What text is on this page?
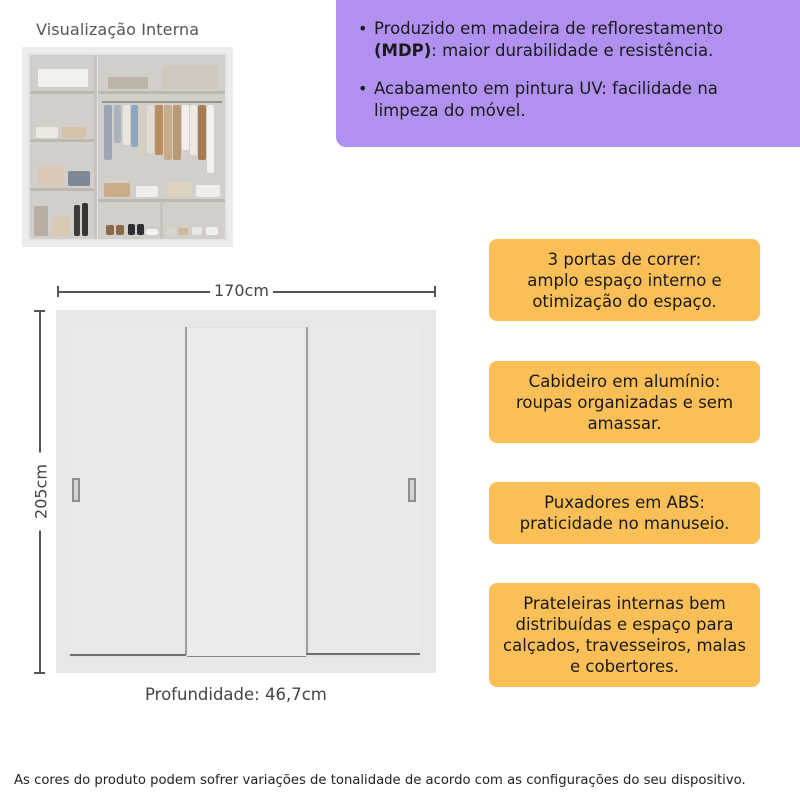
Visualização Interna	• Produzido em madeira de reflorestamento
(MDP): maior durabilidade e resistência.
• Acabamento em pintura UV: facilidade na
limpeza do móvel.
3 portas de correr:
amplo espaço interno e
otimização do espaço.
Cabideiro em alumínio:
roupas organizadas e sem
amassar.
Puxadores em ABS:
praticidade no manuseio.
Prateleiras internas bem
distribuídas e espaço para
calçados, travesseiros, malas
e cobertores.
170cm
205cm
Profundidade: 46,7cm
As cores do produto podem sofrer variações de tonalidade de acordo com as configurações do seu dispositivo.
